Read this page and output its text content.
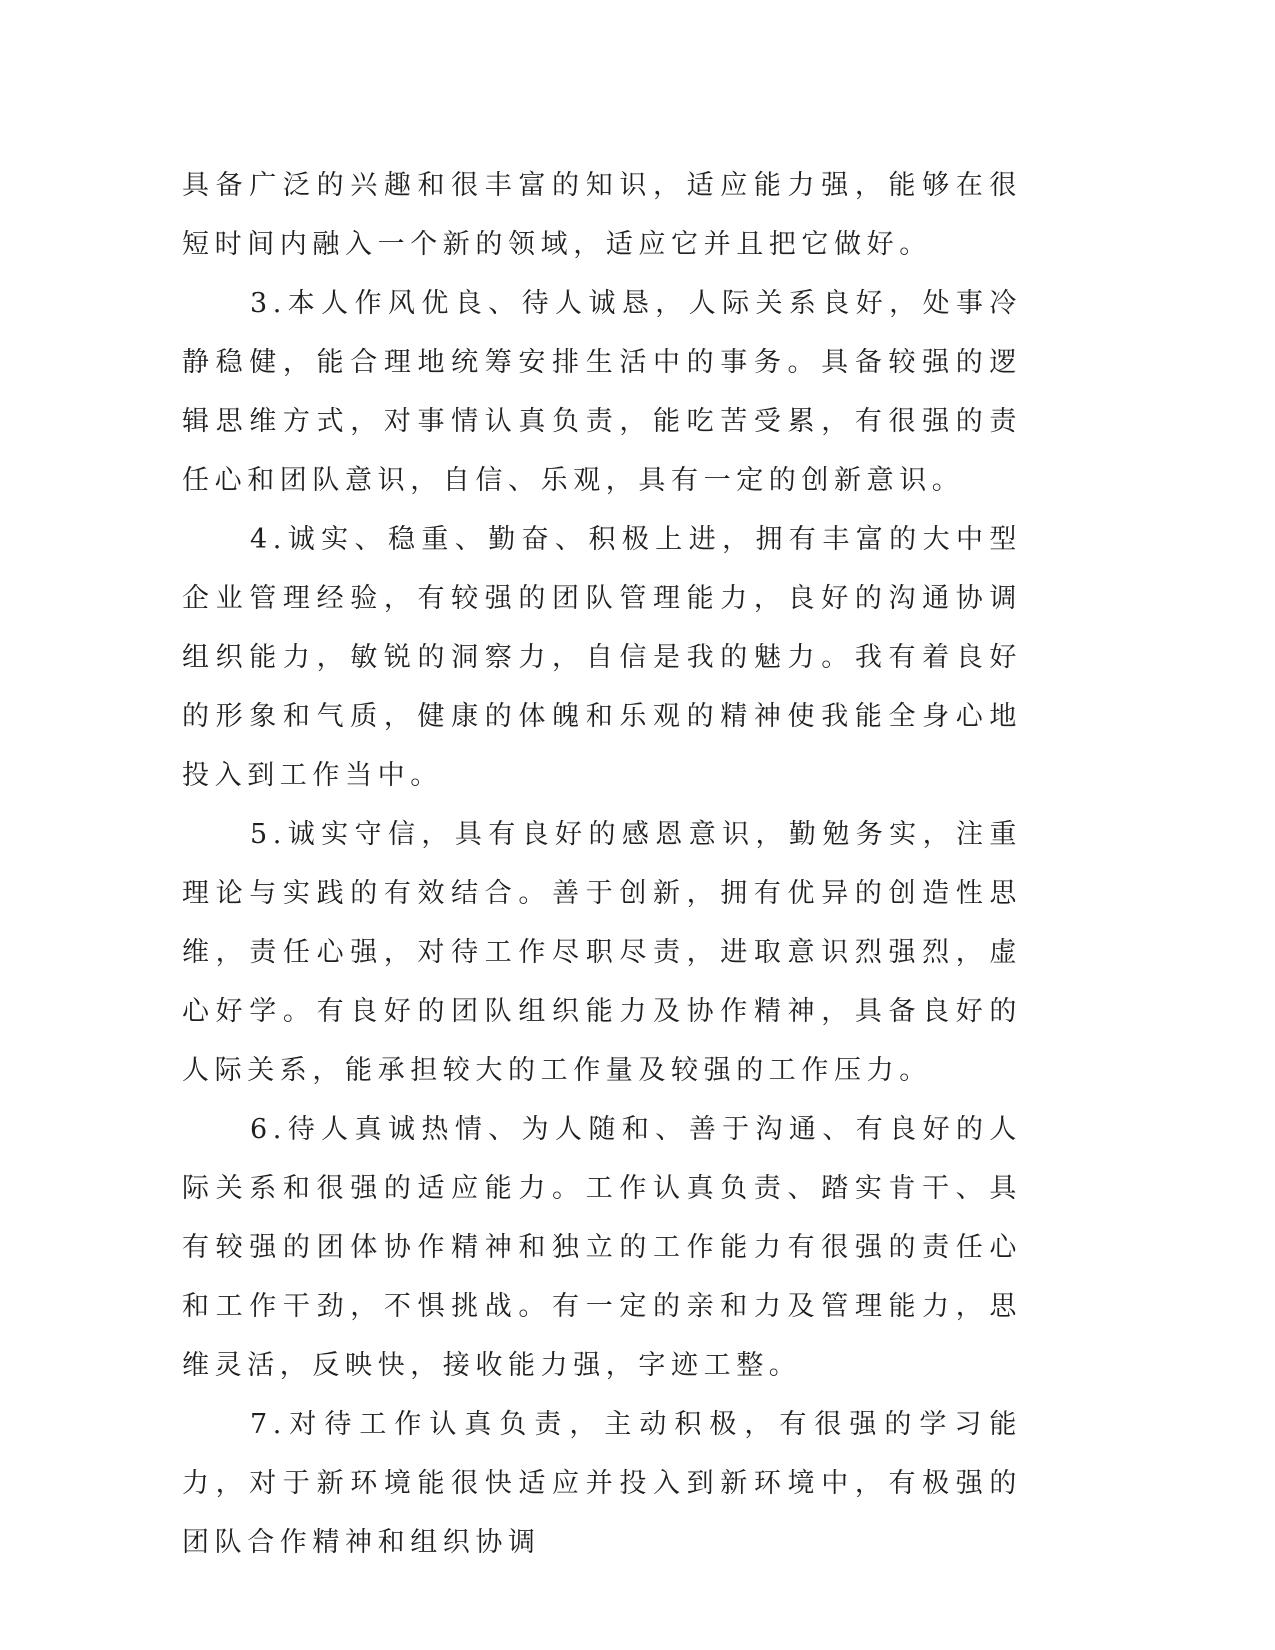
具备广泛的兴趣和很丰富的知识，适应能力强，能够在很短时间内融入一个新的领域，适应它并且把它做好。

3.本人作风优良、待人诚恳，人际关系良好，处事冷静稳健，能合理地统筹安排生活中的事务。具备较强的逻辑思维方式，对事情认真负责，能吃苦受累，有很强的责任心和团队意识，自信、乐观，具有一定的创新意识。

4.诚实、稳重、勤奋、积极上进，拥有丰富的大中型企业管理经验，有较强的团队管理能力，良好的沟通协调组织能力，敏锐的洞察力，自信是我的魅力。我有着良好的形象和气质，健康的体魄和乐观的精神使我能全身心地投入到工作当中。

5.诚实守信，具有良好的感恩意识，勤勉务实，注重理论与实践的有效结合。善于创新，拥有优异的创造性思维，责任心强，对待工作尽职尽责，进取意识烈强烈，虚心好学。有良好的团队组织能力及协作精神，具备良好的人际关系，能承担较大的工作量及较强的工作压力。

6.待人真诚热情、为人随和、善于沟通、有良好的人际关系和很强的适应能力。工作认真负责、踏实肯干、具有较强的团体协作精神和独立的工作能力有很强的责任心和工作干劲，不惧挑战。有一定的亲和力及管理能力，思维灵活，反映快，接收能力强，字迹工整。

7.对待工作认真负责，主动积极，有很强的学习能力，对于新环境能很快适应并投入到新环境中，有极强的团队合作精神和组织协调
